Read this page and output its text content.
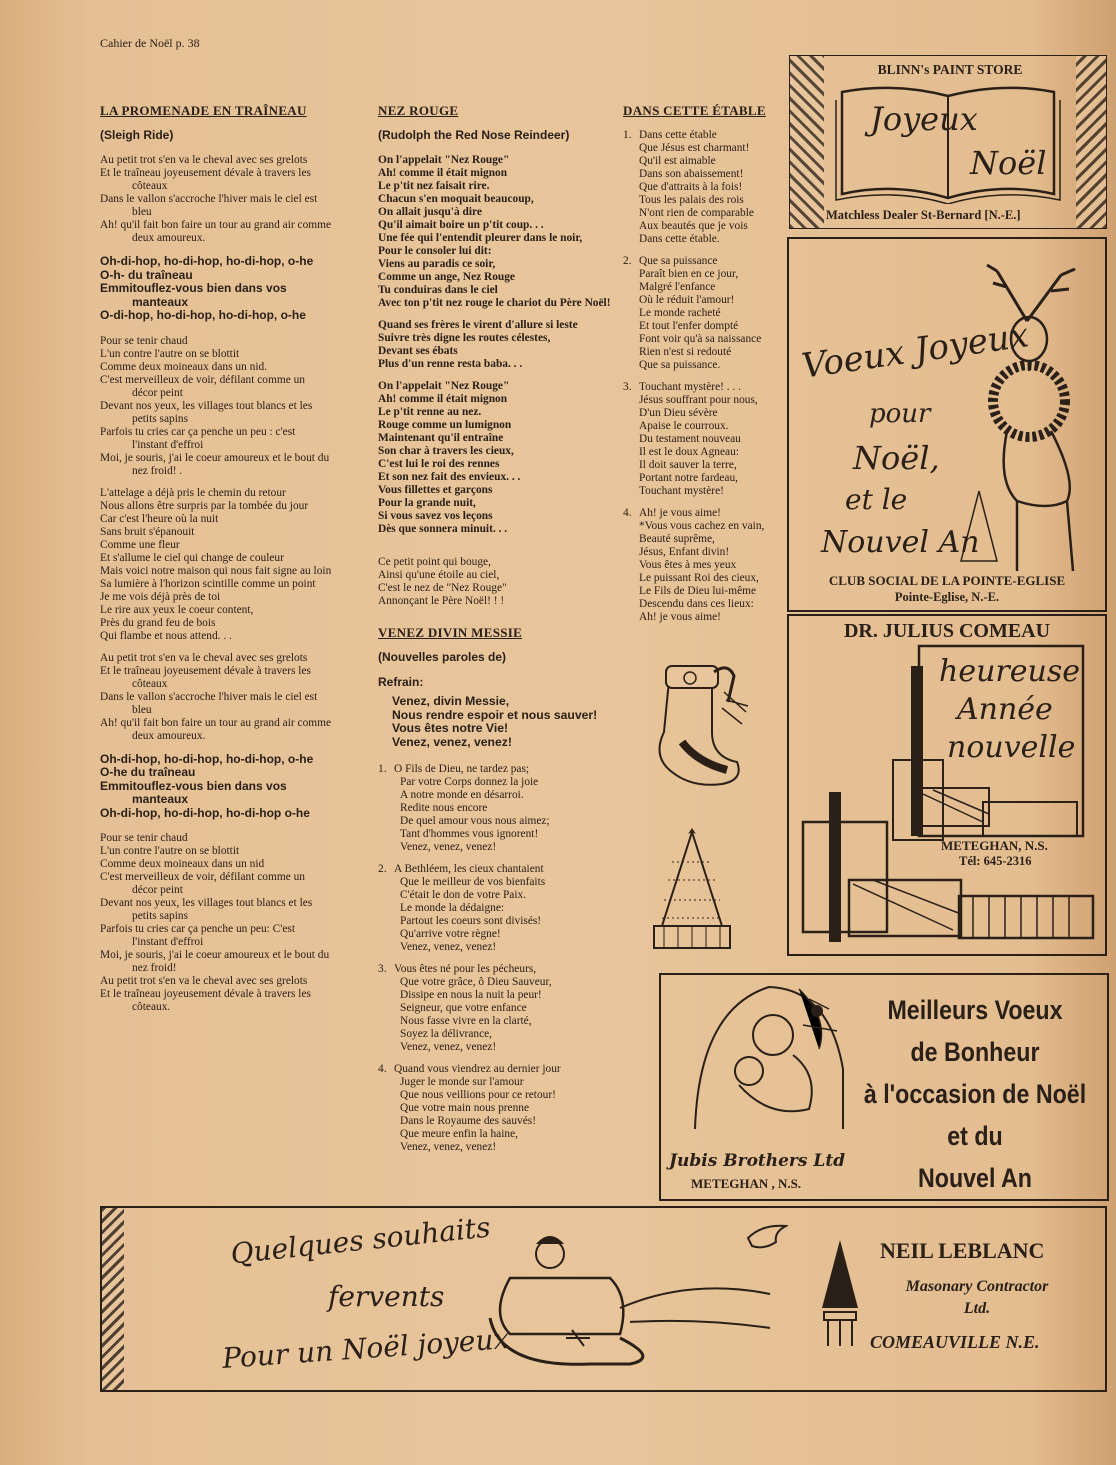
Cahier de Noël p. 38
LA PROMENADE EN TRAÎNEAU
(Sleigh Ride)

Au petit trot s'en va le cheval avec ses grelots

Et le traîneau joyeusement dévale à travers les côteaux

Dans le vallon s'accroche l'hiver mais le ciel est bleu

Ah! qu'il fait bon faire un tour au grand air comme deux amoureux.

Oh-di-hop, ho-di-hop, ho-di-hop, o-he

O-h- du traîneau

Emmitouflez-vous bien dans vos manteaux

O-di-hop, ho-di-hop, ho-di-hop, o-he

Pour se tenir chaud

L'un contre l'autre on se blottit

Comme deux moineaux dans un nid.

C'est merveilleux de voir, défilant comme un décor peint

Devant nos yeux, les villages tout blancs et les petits sapins

Parfois tu cries car ça penche un peu : c'est l'instant d'effroi

Moi, je souris, j'ai le coeur amoureux et le bout du nez froid! .

L'attelage a déjà pris le chemin du retour

Nous allons être surpris par la tombée du jour

Car c'est l'heure où la nuit

Sans bruit s'épanouit

Comme une fleur

Et s'allume le ciel qui change de couleur

Mais voici notre maison qui nous fait signe au loin

Sa lumière à l'horizon scintille comme un point

Je me vois déjà près de toi

Le rire aux yeux le coeur content,

Près du grand feu de bois

Qui flambe et nous attend. . .

Au petit trot s'en va le cheval avec ses grelots

Et le traîneau joyeusement dévale à travers les côteaux

Dans le vallon s'accroche l'hiver mais le ciel est bleu

Ah! qu'il fait bon faire un tour au grand air comme deux amoureux.

Oh-di-hop, ho-di-hop, ho-di-hop, o-he

O-he du traîneau

Emmitouflez-vous bien dans vos manteaux

Oh-di-hop, ho-di-hop, ho-di-hop o-he

Pour se tenir chaud

L'un contre l'autre on se blottit

Comme deux moineaux dans un nid

C'est merveilleux de voir, défilant comme un décor peint

Devant nos yeux, les villages tout blancs et les petits sapins

Parfois tu cries car ça penche un peu: C'est l'instant d'effroi

Moi, je souris, j'ai le coeur amoureux et le bout du nez froid!

Au petit trot s'en va le cheval avec ses grelots

Et le traîneau joyeusement dévale à travers les côteaux.

NEZ ROUGE
(Rudolph the Red Nose Reindeer)

On l'appelait "Nez Rouge"

Ah! comme il était mignon

Le p'tit nez faisait rire.

Chacun s'en moquait beaucoup,

On allait jusqu'à dire

Qu'il aimait boire un p'tit coup. . .

Une fée qui l'entendit pleurer dans le noir,

Pour le consoler lui dit:

Viens au paradis ce soir,

Comme un ange, Nez Rouge

Tu conduiras dans le ciel

Avec ton p'tit nez rouge le chariot du Père Noël!

Quand ses frères le virent d'allure si leste

Suivre très digne les routes célestes,

Devant ses ébats

Plus d'un renne resta baba. . .

On l'appelait "Nez Rouge"

Ah! comme il était mignon

Le p'tit renne au nez.

Rouge comme un lumignon

Maintenant qu'il entraîne

Son char à travers les cieux,

C'est lui le roi des rennes

Et son nez fait des envieux. . .

Vous fillettes et garçons

Pour la grande nuit,

Si vous savez vos leçons

Dès que sonnera minuit. . .

Ce petit point qui bouge,

Ainsi qu'une étoile au ciel,

C'est le nez de "Nez Rouge"

Annonçant le Père Noël! ! !

VENEZ DIVIN MESSIE
(Nouvelles paroles de)
Refrain:

Venez, divin Messie,

Nous rendre espoir et nous sauver!

Vous êtes notre Vie!

Venez, venez, venez!

1. O Fils de Dieu, ne tardez pas;

Par votre Corps donnez la joie

A notre monde en désarroi.

Redite nous encore

De quel amour vous nous aimez;

Tant d'hommes vous ignorent!

Venez, venez, venez!

2. A Bethléem, les cieux chantaient

Que le meilleur de vos bienfaits

C'était le don de votre Paix.

Le monde la dédaigne:

Partout les coeurs sont divisés!

Qu'arrive votre règne!

Venez, venez, venez!

3. Vous êtes né pour les pécheurs,

Que votre grâce, ô Dieu Sauveur,

Dissipe en nous la nuit la peur!

Seigneur, que votre enfance

Nous fasse vivre en la clarté,

Soyez la délivrance,

Venez, venez, venez!

4. Quand vous viendrez au dernier jour

Juger le monde sur l'amour

Que nous veillions pour ce retour!

Que votre main nous prenne

Dans le Royaume des sauvés!

Que meure enfin la haine,

Venez, venez, venez!

DANS CETTE ÉTABLE
1. Dans cette étable

Que Jésus est charmant!

Qu'il est aimable

Dans son abaissement!

Que d'attraits à la fois!

Tous les palais des rois

N'ont rien de comparable

Aux beautés que je vois

Dans cette étable.

2. Que sa puissance

Paraît bien en ce jour,

Malgré l'enfance

Où le réduit l'amour!

Le monde racheté

Et tout l'enfer dompté

Font voir qu'à sa naissance

Rien n'est si redouté

Que sa puissance.

3. Touchant mystère! . . .

Jésus souffrant pour nous,

D'un Dieu sévère

Apaise le courroux.

Du testament nouveau

Il est le doux Agneau:

Il doit sauver la terre,

Portant notre fardeau,

Touchant mystère!

4. Ah! je vous aime!

*Vous vous cachez en vain,

Beauté suprême,

Jésus, Enfant divin!

Vous êtes à mes yeux

Le puissant Roi des cieux,

Le Fils de Dieu lui-même

Descendu dans ces lieux:

Ah! je vous aime!

BLINN's PAINT STORE
Joyeux
Noël
Matchless Dealer St-Bernard [N.-E.]
Voeux Joyeux
pour
Noël,
et le
Nouvel An
CLUB SOCIAL DE LA POINTE-EGLISE
Pointe-Eglise, N.-E.
DR. JULIUS COMEAU
heureuse
Année
nouvelle
METEGHAN, N.S.
Tél: 645-2316
Jubis Brothers Ltd
METEGHAN , N.S.
Meilleurs Voeux
de Bonheur
à l'occasion de Noël
et du
Nouvel An
Quelques souhaits
fervents
Pour un Noël joyeux
NEIL LEBLANC
Masonary Contractor
Ltd.
COMEAUVILLE N.E.
